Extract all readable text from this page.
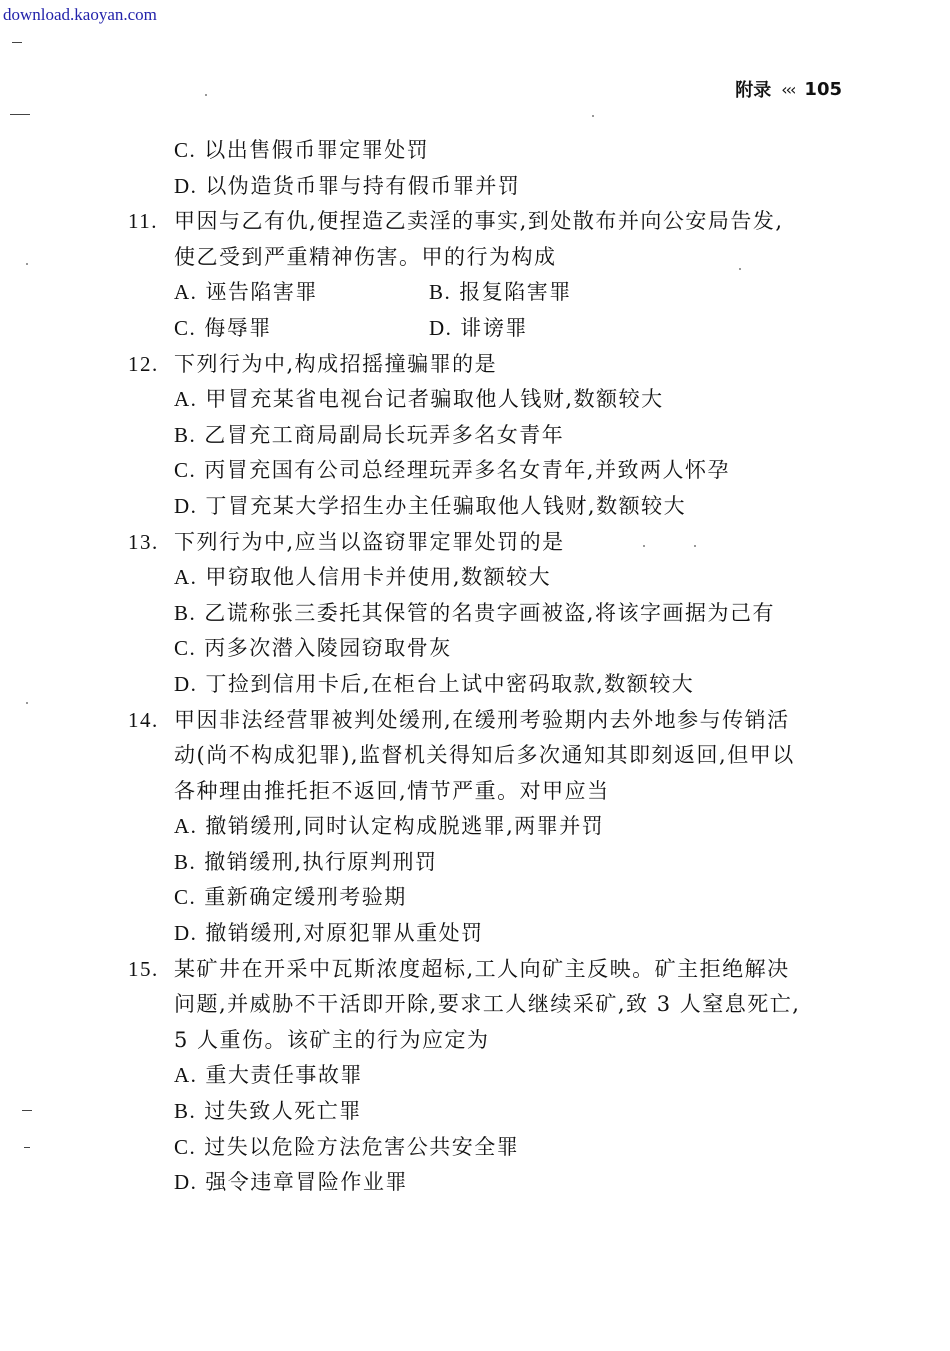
download.kaoyan.com
附录 ‹‹‹ 105
C. 以出售假币罪定罪处罚
D. 以伪造货币罪与持有假币罪并罚
11. 甲因与乙有仇,便捏造乙卖淫的事实,到处散布并向公安局告发,
使乙受到严重精神伤害。甲的行为构成
A. 诬告陷害罪	B. 报复陷害罪
C. 侮辱罪	D. 诽谤罪
12. 下列行为中,构成招摇撞骗罪的是
A. 甲冒充某省电视台记者骗取他人钱财,数额较大
B. 乙冒充工商局副局长玩弄多名女青年
C. 丙冒充国有公司总经理玩弄多名女青年,并致两人怀孕
D. 丁冒充某大学招生办主任骗取他人钱财,数额较大
13. 下列行为中,应当以盗窃罪定罪处罚的是
A. 甲窃取他人信用卡并使用,数额较大
B. 乙谎称张三委托其保管的名贵字画被盗,将该字画据为己有
C. 丙多次潜入陵园窃取骨灰
D. 丁捡到信用卡后,在柜台上试中密码取款,数额较大
14. 甲因非法经营罪被判处缓刑,在缓刑考验期内去外地参与传销活
动(尚不构成犯罪),监督机关得知后多次通知其即刻返回,但甲以
各种理由推托拒不返回,情节严重。对甲应当
A. 撤销缓刑,同时认定构成脱逃罪,两罪并罚
B. 撤销缓刑,执行原判刑罚
C. 重新确定缓刑考验期
D. 撤销缓刑,对原犯罪从重处罚
15. 某矿井在开采中瓦斯浓度超标,工人向矿主反映。矿主拒绝解决
问题,并威胁不干活即开除,要求工人继续采矿,致 3 人窒息死亡,
5 人重伤。该矿主的行为应定为
A. 重大责任事故罪
B. 过失致人死亡罪
C. 过失以危险方法危害公共安全罪
D. 强令违章冒险作业罪
